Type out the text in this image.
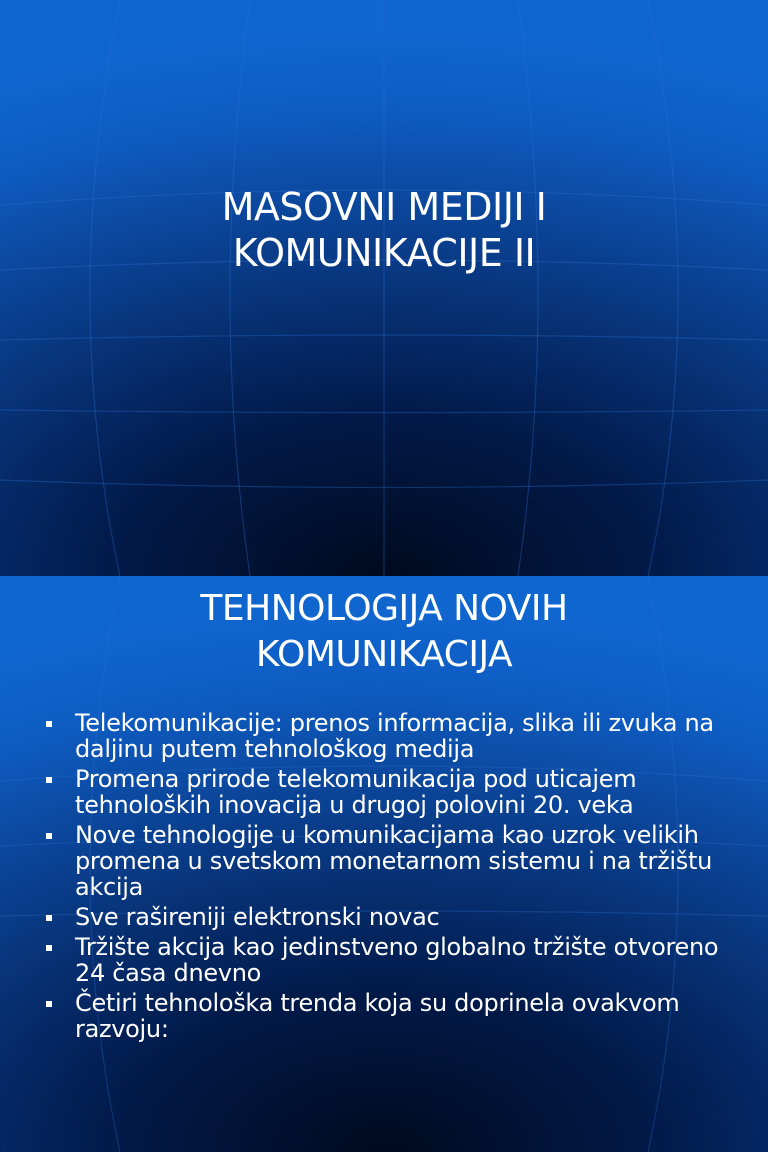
MASOVNI MEDIJI I
KOMUNIKACIJE II
TEHNOLOGIJA NOVIH
KOMUNIKACIJA
Telekomunikacije: prenos informacija, slika ili zvuka na daljinu putem tehnološkog medija
Promena prirode telekomunikacija pod uticajem tehnoloških inovacija u drugoj polovini 20. veka
Nove tehnologije u komunikacijama kao uzrok velikih promena u svetskom monetarnom sistemu i na tržištu akcija
Sve rašireniji elektronski novac
Tržište akcija kao jedinstveno globalno tržište otvoreno 24 časa dnevno
Četiri tehnološka trenda koja su doprinela ovakvom razvoju:
